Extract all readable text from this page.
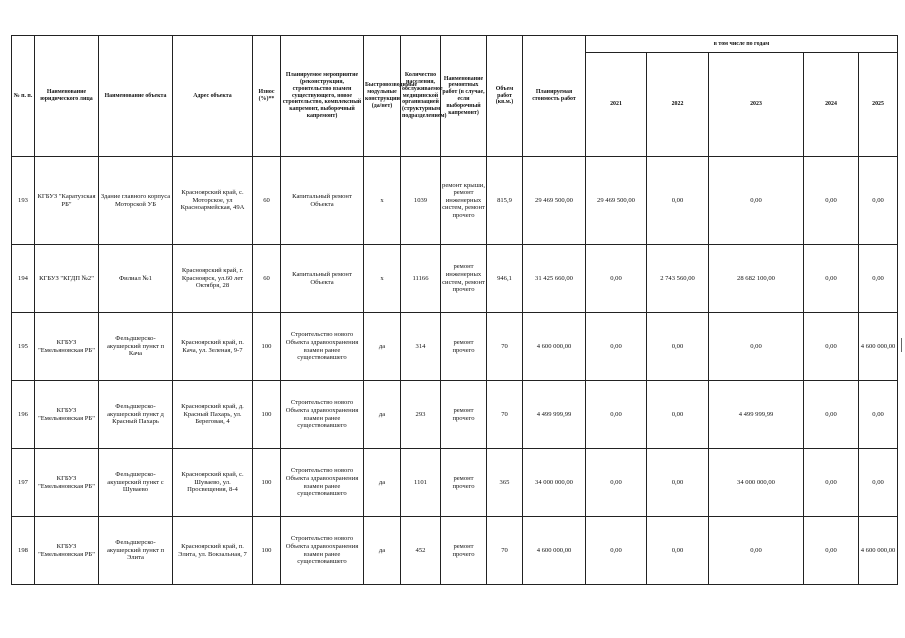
№ п. п.	Наименование юридического лица	Наименование объекта	Адрес объекта	Износ (%)**	Планируемое мероприятие (реконструкция, строительство взамен существующего, новое строительство, комплексный капремонт, выборочный капремонт)	Быстровозводимые модульные конструкции (да/нет)	Количество населения, обслуживаемое медицинской организацией (структурным подразделением)	Наименование ремонтных работ (в случае, если выборочный капремонт)	Объем работ (кв.м.)	Планируемая стоимость работ	в том числе по годам				
											2021	2022	2023	2024	2025
193	КГБУЗ "Каратузская РБ"	Здание главного корпуса Моторской УБ	Красноярский край, с. Моторское, ул Красноармейская, 49А	60	Капитальный ремонт Объекта	х	1039	ремонт крыши, ремонт инженерных систем, ремонт прочего	815,9	29 469 500,00	29 469 500,00	0,00	0,00	0,00	0,00
194	КГБУЗ "КГДП №2"	Филиал №1	Красноярский край, г. Красноярск, ул.60 лет Октября, 28	60	Капитальный ремонт Объекта	х	11166	ремонт инженерных систем, ремонт прочего	946,1	31 425 660,00	0,00	2 743 560,00	28 682 100,00	0,00	0,00
195	КГБУЗ "Емельяновская РБ"	Фельдшерско-акушерский пункт п Кача	Красноярский край, п. Кача, ул. Зеленая, 9-7	100	Строительство нового Объекта здравоохранения взамен ранее существовавшего	да	314	ремонт прочего	70	4 600 000,00	0,00	0,00	0,00	0,00	4 600 000,00
196	КГБУЗ "Емельяновская РБ"	Фельдшерско-акушерский пункт д Красный Пахарь	Красноярский край, д. Красный Пахарь, ул. Береговая, 4	100	Строительство нового Объекта здравоохранения взамен ранее существовавшего	да	293	ремонт прочего	70	4 499 999,99	0,00	0,00	4 499 999,99	0,00	0,00
197	КГБУЗ "Емельяновская РБ"	Фельдшерско-акушерский пункт с Шуваево	Красноярский край, с. Шуваево, ул. Просвещения, 8-4	100	Строительство нового Объекта здравоохранения взамен ранее существовавшего	да	1101	ремонт прочего	365	34 000 000,00	0,00	0,00	34 000 000,00	0,00	0,00
198	КГБУЗ "Емельяновская РБ"	Фельдшерско-акушерский пункт п Элита	Красноярский край, п. Элита, ул. Вокзальная, 7	100	Строительство нового Объекта здравоохранения взамен ранее существовавшего	да	452	ремонт прочего	70	4 600 000,00	0,00	0,00	0,00	0,00	4 600 000,00
